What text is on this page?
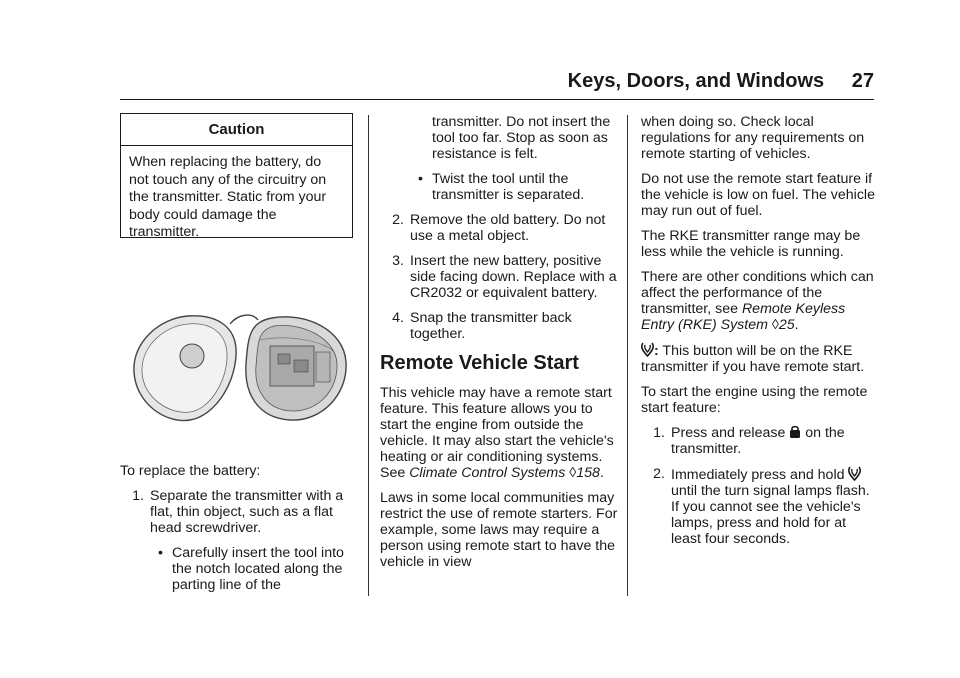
Keys, Doors, and Windows 27
Caution
When replacing the battery, do not touch any of the circuitry on the transmitter. Static from your body could damage the transmitter.

To replace the battery:

1. Separate the transmitter with a flat, thin object, such as a flat head screwdriver.
• Carefully insert the tool into the notch located along the parting line of the
transmitter. Do not insert the tool too far. Stop as soon as resistance is felt.
• Twist the tool until the transmitter is separated.
2. Remove the old battery. Do not use a metal object.
3. Insert the new battery, positive side facing down. Replace with a CR2032 or equivalent battery.
4. Snap the transmitter back together.
Remote Vehicle Start

This vehicle may have a remote start feature. This feature allows you to start the engine from outside the vehicle. It may also start the vehicle's heating or air conditioning systems. See Climate Control Systems ◊158.

Laws in some local communities may restrict the use of remote starters. For example, some laws may require a person using remote start to have the vehicle in view

when doing so. Check local regulations for any requirements on remote starting of vehicles.

Do not use the remote start feature if the vehicle is low on fuel. The vehicle may run out of fuel.

The RKE transmitter range may be less while the vehicle is running.

There are other conditions which can affect the performance of the transmitter, see Remote Keyless Entry (RKE) System ◊25.

: This button will be on the RKE transmitter if you have remote start.

To start the engine using the remote start feature:

1. Press and release  on the transmitter.
2. Immediately press and hold  until the turn signal lamps flash. If you cannot see the vehicle's lamps, press and hold for at least four seconds.
